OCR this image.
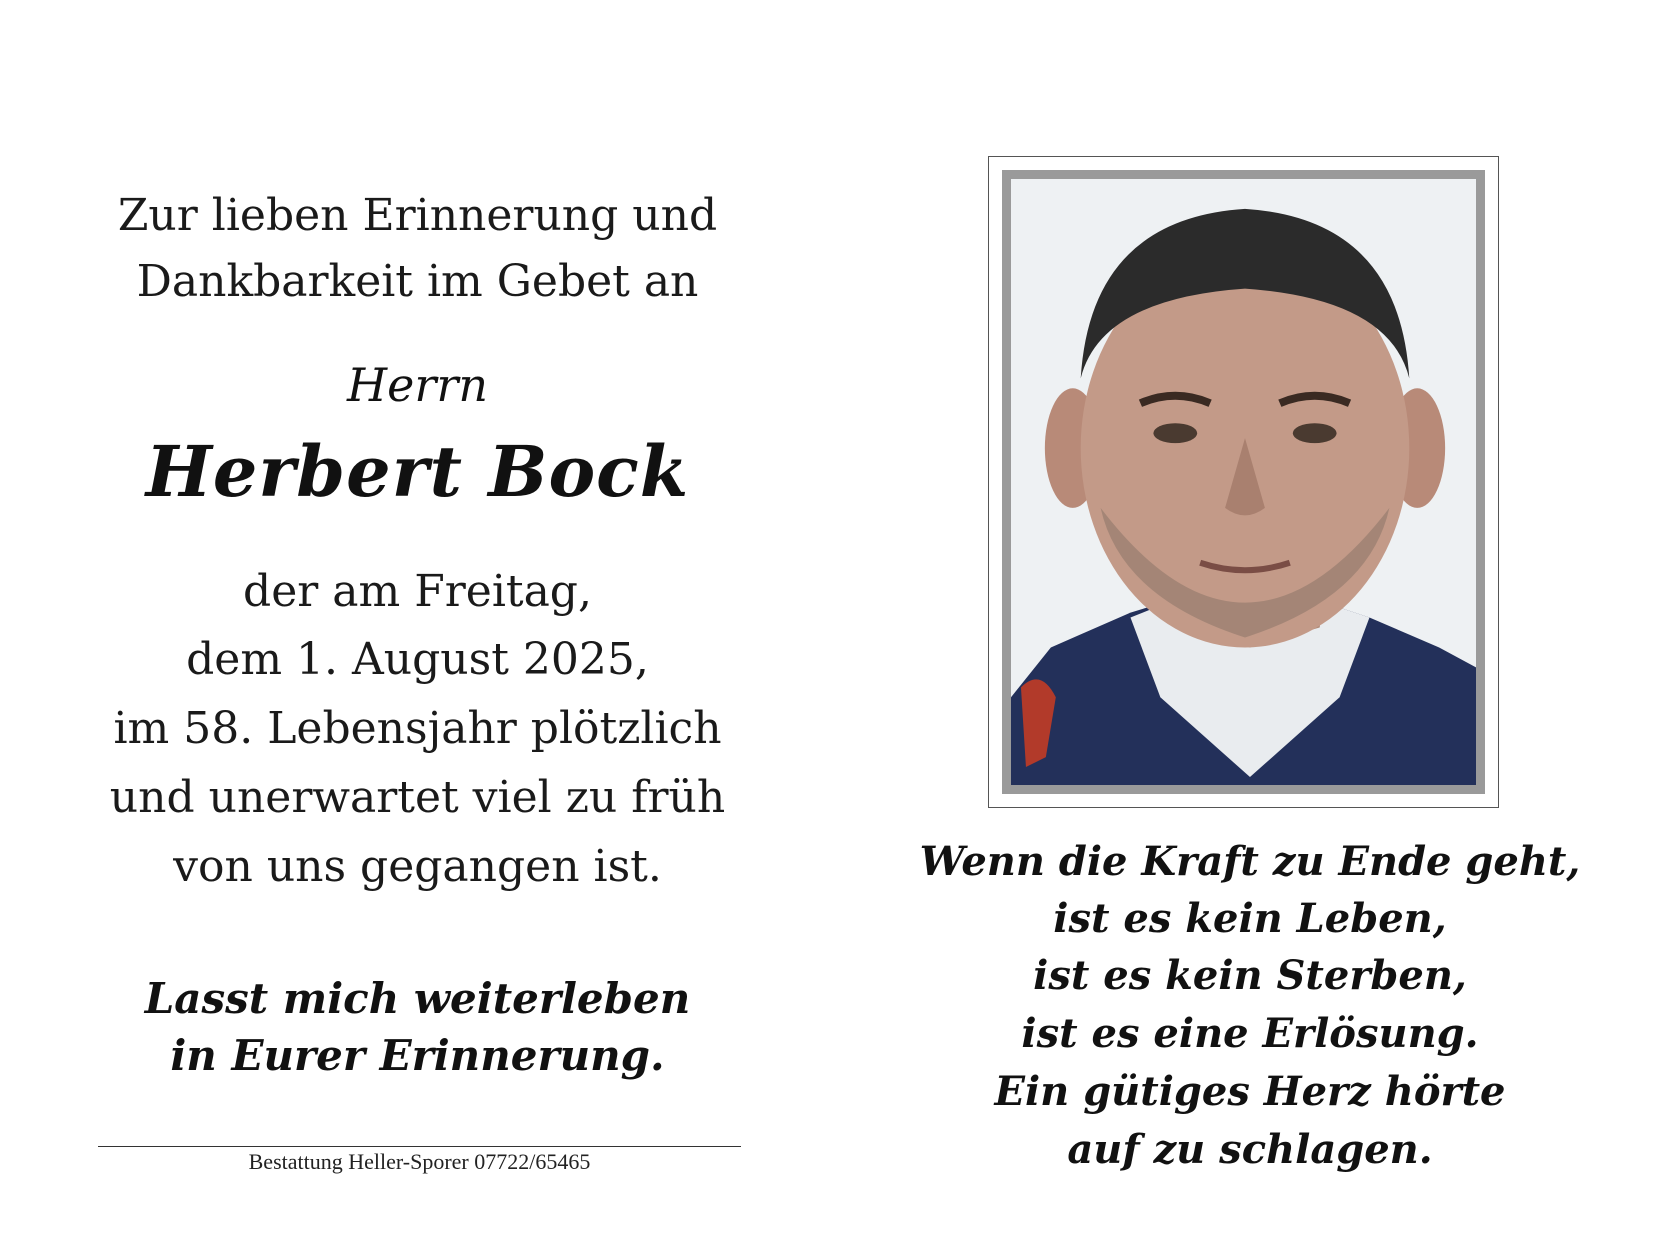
Zur lieben Erinnerung und
Dankbarkeit im Gebet an
Herrn
Herbert Bock
der am Freitag,
dem 1. August 2025,
im 58. Lebensjahr plötzlich
und unerwartet viel zu früh
von uns gegangen ist.
Lasst mich weiterleben
in Eurer Erinnerung.
Bestattung Heller-Sporer 07722/65465
Wenn die Kraft zu Ende geht,
ist es kein Leben,
ist es kein Sterben,
ist es eine Erlösung.
Ein gütiges Herz hörte
auf zu schlagen.
